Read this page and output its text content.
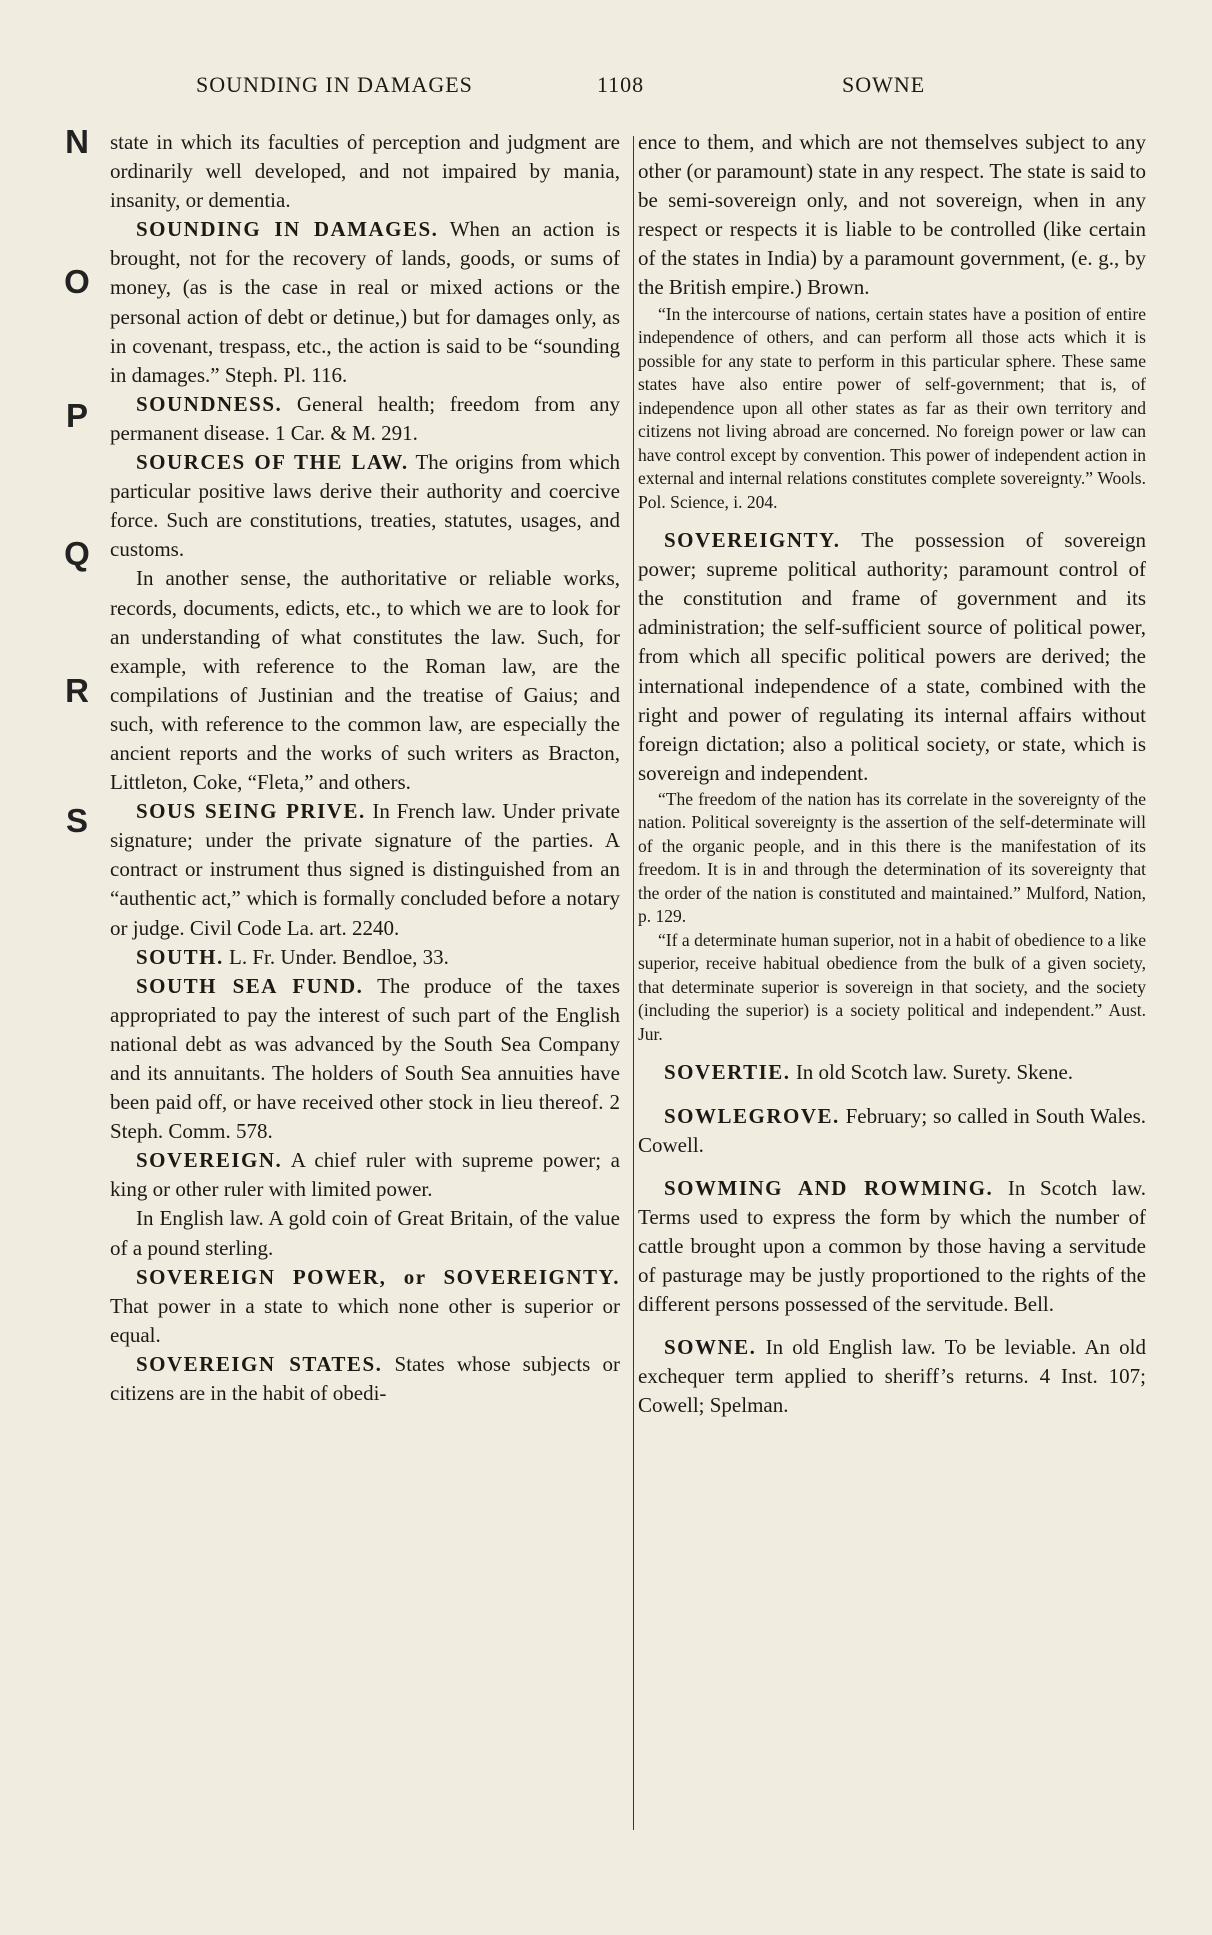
SOUNDING IN DAMAGES	1108	SOWNE
N
O
P
Q
R
S

state in which its faculties of perception and judgment are ordinarily well developed, and not impaired by mania, insanity, or dementia.

SOUNDING IN DAMAGES. When an action is brought, not for the recovery of lands, goods, or sums of money, (as is the case in real or mixed actions or the personal action of debt or detinue,) but for damages only, as in covenant, trespass, etc., the action is said to be “sounding in damages.” Steph. Pl. 116.

SOUNDNESS. General health; freedom from any permanent disease. 1 Car. & M. 291.

SOURCES OF THE LAW. The origins from which particular positive laws derive their authority and coercive force. Such are constitutions, treaties, statutes, usages, and customs.

In another sense, the authoritative or reliable works, records, documents, edicts, etc., to which we are to look for an understanding of what constitutes the law. Such, for example, with reference to the Roman law, are the compilations of Justinian and the treatise of Gaius; and such, with reference to the common law, are especially the ancient reports and the works of such writers as Bracton, Littleton, Coke, “Fleta,” and others.

SOUS SEING PRIVE. In French law. Under private signature; under the private signature of the parties. A contract or instrument thus signed is distinguished from an “authentic act,” which is formally concluded before a notary or judge. Civil Code La. art. 2240.

SOUTH. L. Fr. Under. Bendloe, 33.

SOUTH SEA FUND. The produce of the taxes appropriated to pay the interest of such part of the English national debt as was advanced by the South Sea Company and its annuitants. The holders of South Sea annuities have been paid off, or have received other stock in lieu thereof. 2 Steph. Comm. 578.

SOVEREIGN. A chief ruler with supreme power; a king or other ruler with limited power.

In English law. A gold coin of Great Britain, of the value of a pound sterling.

SOVEREIGN POWER, or SOVEREIGNTY. That power in a state to which none other is superior or equal.

SOVEREIGN STATES. States whose subjects or citizens are in the habit of obedi-

ence to them, and which are not themselves subject to any other (or paramount) state in any respect. The state is said to be semi-sovereign only, and not sovereign, when in any respect or respects it is liable to be controlled (like certain of the states in India) by a paramount government, (e. g., by the British empire.) Brown.

“In the intercourse of nations, certain states have a position of entire independence of others, and can perform all those acts which it is possible for any state to perform in this particular sphere. These same states have also entire power of self-government; that is, of independence upon all other states as far as their own territory and citizens not living abroad are concerned. No foreign power or law can have control except by convention. This power of independent action in external and internal relations constitutes complete sovereignty.” Wools. Pol. Science, i. 204.

SOVEREIGNTY. The possession of sovereign power; supreme political authority; paramount control of the constitution and frame of government and its administration; the self-sufficient source of political power, from which all specific political powers are derived; the international independence of a state, combined with the right and power of regulating its internal affairs without foreign dictation; also a political society, or state, which is sovereign and independent.

“The freedom of the nation has its correlate in the sovereignty of the nation. Political sovereignty is the assertion of the self-determinate will of the organic people, and in this there is the manifestation of its freedom. It is in and through the determination of its sovereignty that the order of the nation is constituted and maintained.” Mulford, Nation, p. 129.

“If a determinate human superior, not in a habit of obedience to a like superior, receive habitual obedience from the bulk of a given society, that determinate superior is sovereign in that society, and the society (including the superior) is a society political and independent.” Aust. Jur.

SOVERTIE. In old Scotch law. Surety. Skene.

SOWLEGROVE. February; so called in South Wales. Cowell.

SOWMING AND ROWMING. In Scotch law. Terms used to express the form by which the number of cattle brought upon a common by those having a servitude of pasturage may be justly proportioned to the rights of the different persons possessed of the servitude. Bell.

SOWNE. In old English law. To be leviable. An old exchequer term applied to sheriff’s returns. 4 Inst. 107; Cowell; Spelman.
